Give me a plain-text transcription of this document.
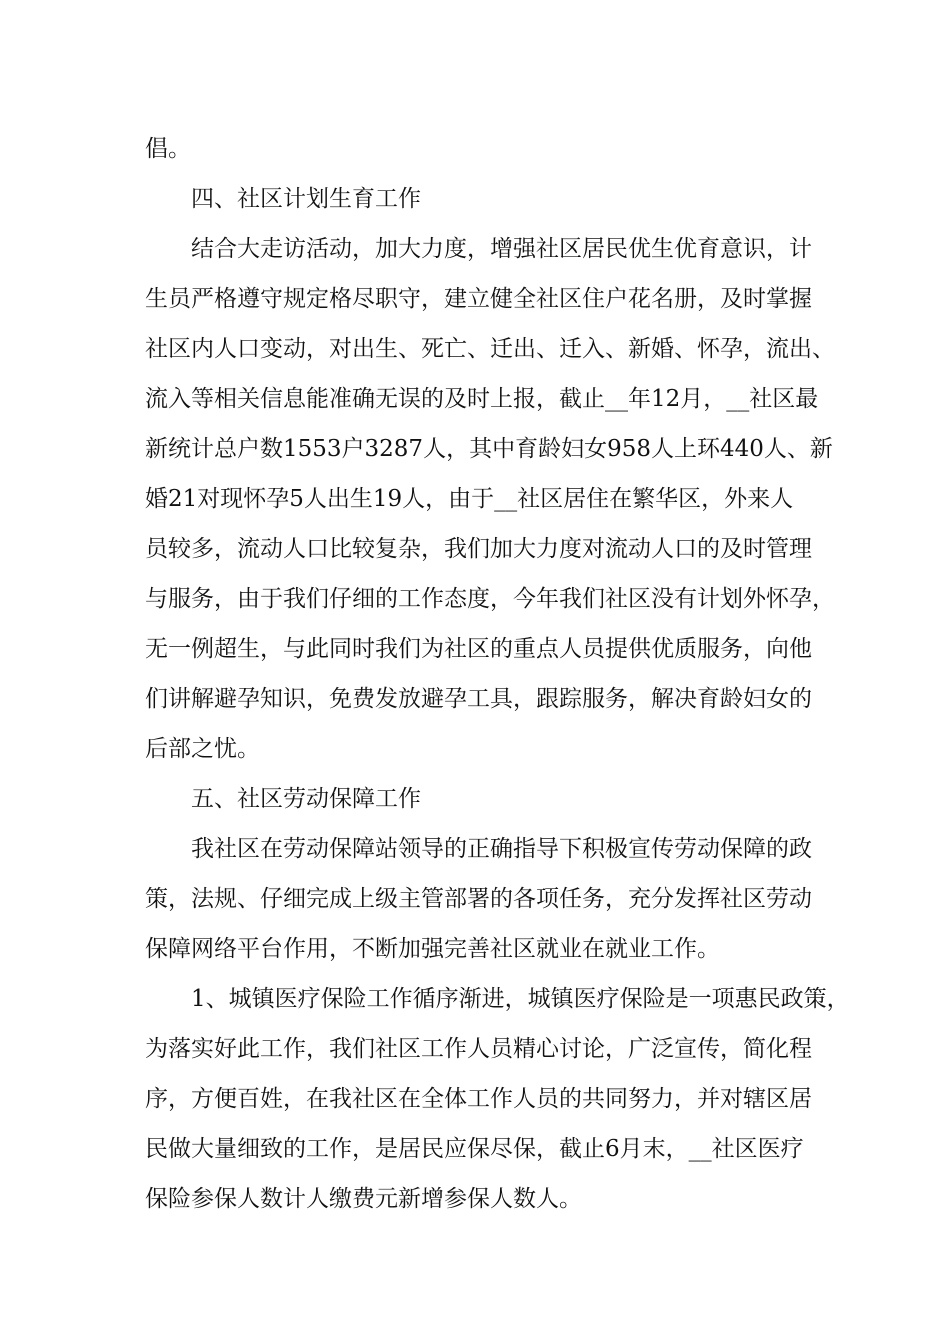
倡。
四、社区计划生育工作
结合大走访活动，加大力度，增强社区居民优生优育意识，计
生员严格遵守规定格尽职守，建立健全社区住户花名册，及时掌握
社区内人口变动，对出生、死亡、迁出、迁入、新婚、怀孕，流出、
流入等相关信息能准确无误的及时上报，截止__年12月，__社区最
新统计总户数1553户3287人，其中育龄妇女958人上环440人、新
婚21对现怀孕5人出生19人，由于__社区居住在繁华区，外来人
员较多，流动人口比较复杂，我们加大力度对流动人口的及时管理
与服务，由于我们仔细的工作态度，今年我们社区没有计划外怀孕，
无一例超生，与此同时我们为社区的重点人员提供优质服务，向他
们讲解避孕知识，免费发放避孕工具，跟踪服务，解决育龄妇女的
后部之忧。
五、社区劳动保障工作
我社区在劳动保障站领导的正确指导下积极宣传劳动保障的政
策，法规、仔细完成上级主管部署的各项任务，充分发挥社区劳动
保障网络平台作用，不断加强完善社区就业在就业工作。
1、城镇医疗保险工作循序渐进，城镇医疗保险是一项惠民政策，
为落实好此工作，我们社区工作人员精心讨论，广泛宣传，简化程
序，方便百姓，在我社区在全体工作人员的共同努力，并对辖区居
民做大量细致的工作，是居民应保尽保，截止6月末，__社区医疗
保险参保人数计人缴费元新增参保人数人。
